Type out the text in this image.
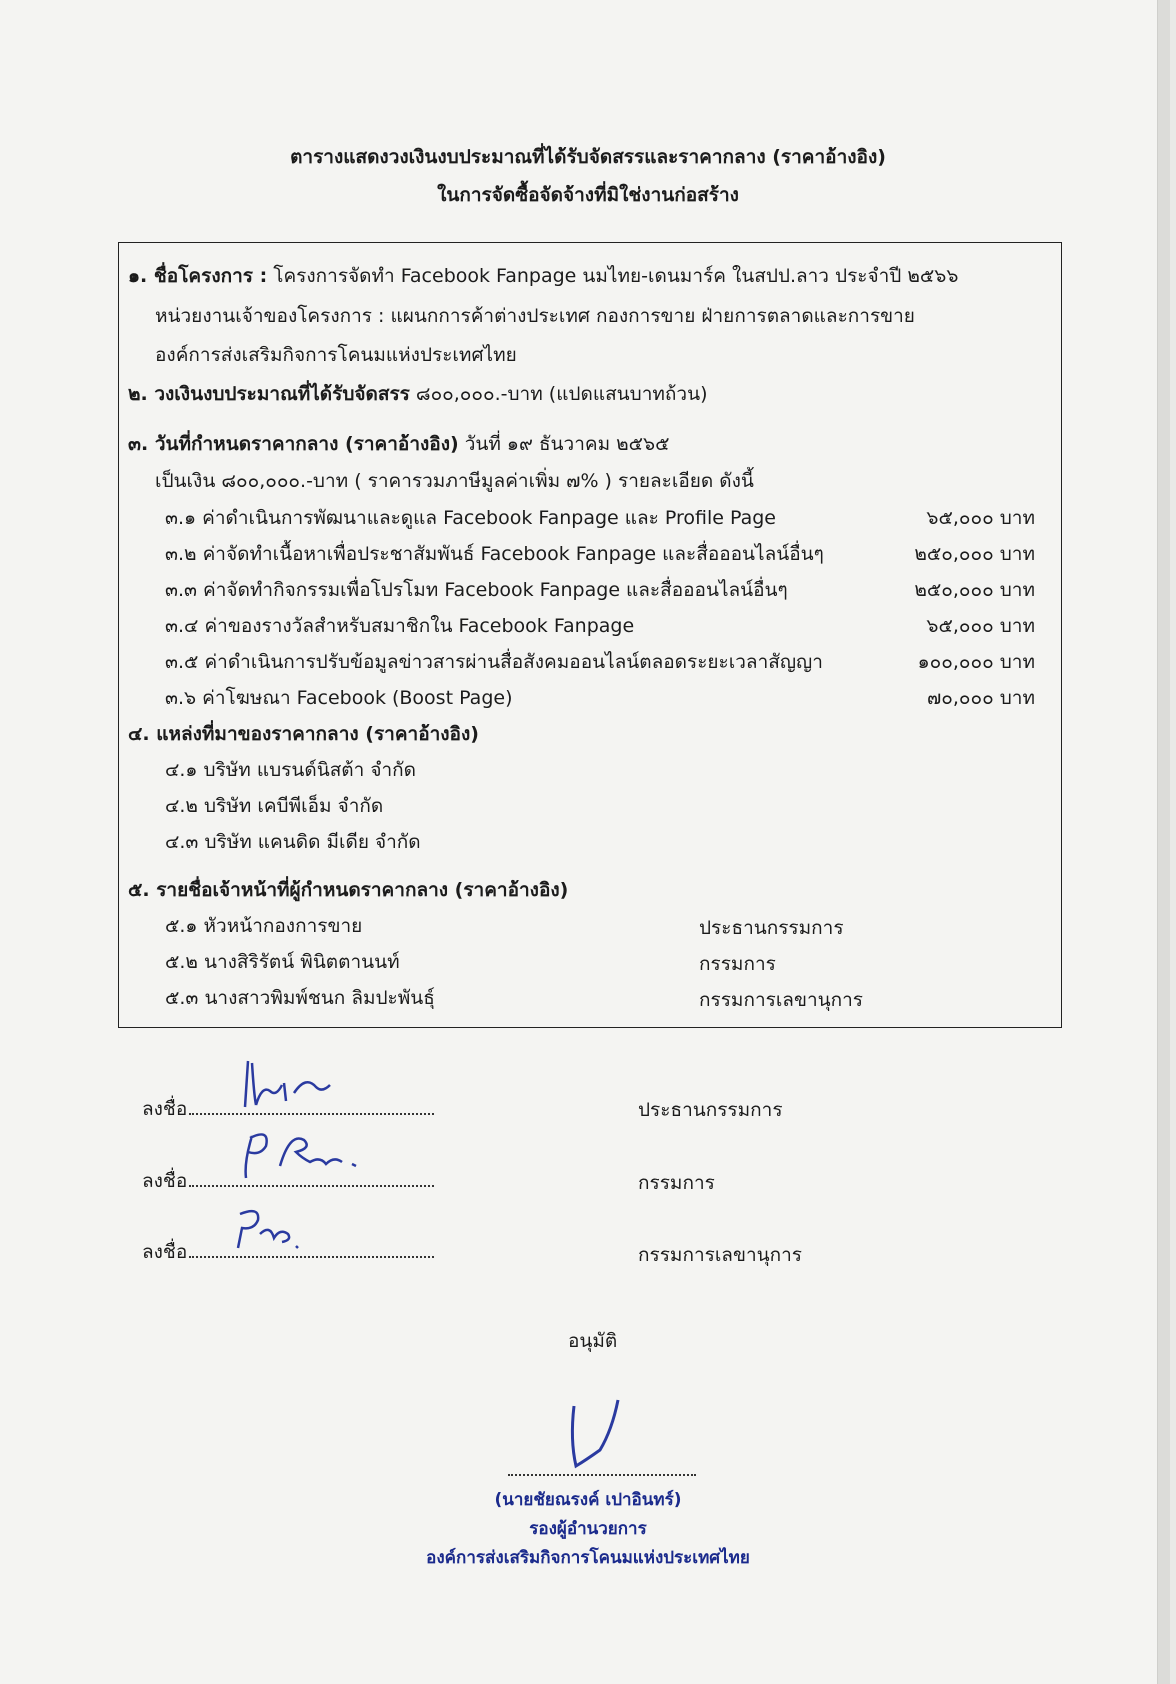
ตารางแสดงวงเงินงบประมาณที่ได้รับจัดสรรและราคากลาง (ราคาอ้างอิง)
ในการจัดซื้อจัดจ้างที่มิใช่งานก่อสร้าง
๑. ชื่อโครงการ : โครงการจัดทำ Facebook Fanpage นมไทย-เดนมาร์ค ในสปป.ลาว ประจำปี ๒๕๖๖
หน่วยงานเจ้าของโครงการ : แผนกการค้าต่างประเทศ กองการขาย ฝ่ายการตลาดและการขาย
องค์การส่งเสริมกิจการโคนมแห่งประเทศไทย
๒. วงเงินงบประมาณที่ได้รับจัดสรร ๘๐๐,๐๐๐.-บาท (แปดแสนบาทถ้วน)
๓. วันที่กำหนดราคากลาง (ราคาอ้างอิง) วันที่ ๑๙ ธันวาคม ๒๕๖๕
เป็นเงิน ๘๐๐,๐๐๐.-บาท ( ราคารวมภาษีมูลค่าเพิ่ม ๗% ) รายละเอียด ดังนี้
๓.๑ ค่าดำเนินการพัฒนาและดูแล Facebook Fanpage และ Profile Page	๖๕,๐๐๐ บาท
๓.๒ ค่าจัดทำเนื้อหาเพื่อประชาสัมพันธ์ Facebook Fanpage และสื่อออนไลน์อื่นๆ	๒๕๐,๐๐๐ บาท
๓.๓ ค่าจัดทำกิจกรรมเพื่อโปรโมท Facebook Fanpage และสื่อออนไลน์อื่นๆ	๒๕๐,๐๐๐ บาท
๓.๔ ค่าของรางวัลสำหรับสมาชิกใน Facebook Fanpage	๖๕,๐๐๐ บาท
๓.๕ ค่าดำเนินการปรับข้อมูลข่าวสารผ่านสื่อสังคมออนไลน์ตลอดระยะเวลาสัญญา	๑๐๐,๐๐๐ บาท
๓.๖ ค่าโฆษณา Facebook (Boost Page)	๗๐,๐๐๐ บาท
๔. แหล่งที่มาของราคากลาง (ราคาอ้างอิง)
๔.๑ บริษัท แบรนด์นิสต้า จำกัด
๔.๒ บริษัท เคบีพีเอ็ม จำกัด
๔.๓ บริษัท แคนดิด มีเดีย จำกัด
๕. รายชื่อเจ้าหน้าที่ผู้กำหนดราคากลาง (ราคาอ้างอิง)
๕.๑ หัวหน้ากองการขาย	ประธานกรรมการ
๕.๒ นางสิริรัตน์ พินิตตานนท์	กรรมการ
๕.๓ นางสาวพิมพ์ชนก ลิมปะพันธุ์	กรรมการเลขานุการ
ลงชื่อ	ประธานกรรมการ
ลงชื่อ	กรรมการ
ลงชื่อ	กรรมการเลขานุการ
อนุมัติ
(นายชัยณรงค์ เปาอินทร์)
รองผู้อำนวยการ
องค์การส่งเสริมกิจการโคนมแห่งประเทศไทย
